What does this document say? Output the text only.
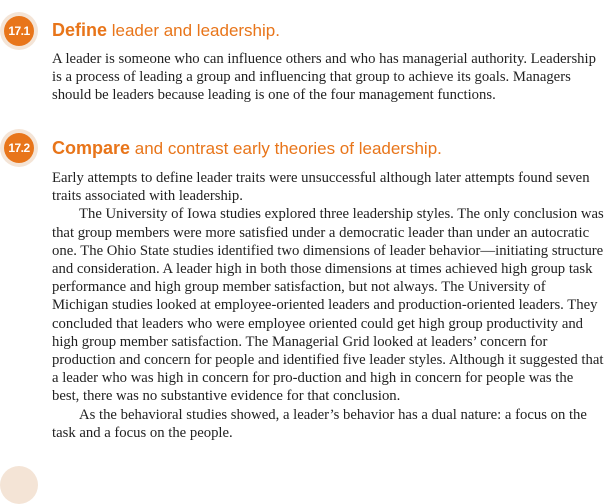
17.1 Define leader and leadership.

A leader is someone who can influence others and who has managerial authority. Leadership is a process of leading a group and influencing that group to achieve its goals. Managers should be leaders because leading is one of the four management functions.

17.2 Compare and contrast early theories of leadership.

Early attempts to define leader traits were unsuccessful although later attempts found seven traits associated with leadership.

The University of Iowa studies explored three leadership styles. The only conclusion was that group members were more satisfied under a democratic leader than under an autocratic one. The Ohio State studies identified two dimensions of leader behavior—initiating structure and consideration. A leader high in both those dimensions at times achieved high group task performance and high group member satisfaction, but not always. The University of Michigan studies looked at employee-oriented leaders and production-oriented leaders. They concluded that leaders who were employee oriented could get high group productivity and high group member satisfaction. The Managerial Grid looked at leaders’ concern for production and concern for people and identified five leader styles. Although it suggested that a leader who was high in concern for pro-duction and high in concern for people was the best, there was no substantive evidence for that conclusion.

As the behavioral studies showed, a leader’s behavior has a dual nature: a focus on the task and a focus on the people.
